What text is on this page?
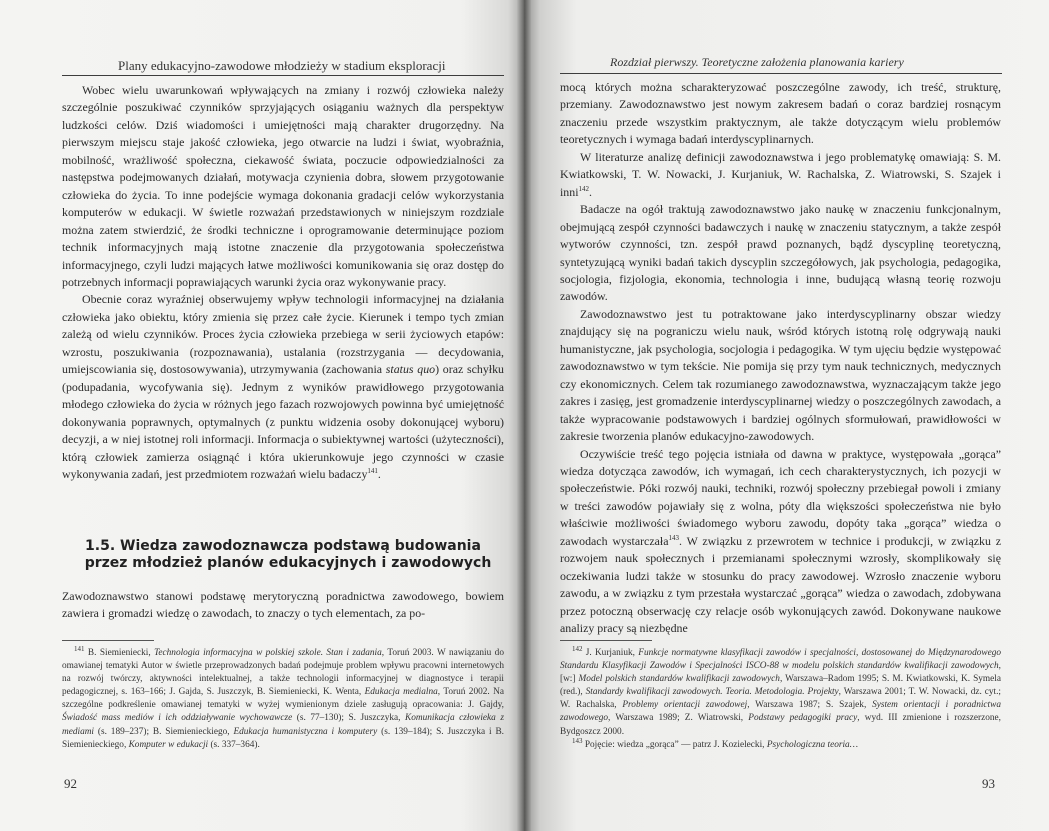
Plany edukacyjno-zawodowe młodzieży w stadium eksploracji

Wobec wielu uwarunkowań wpływających na zmiany i rozwój człowieka należy szczególnie poszukiwać czynników sprzyjających osiąganiu ważnych dla perspektyw ludzkości celów. Dziś wiadomości i umiejętności mają charakter drugorzędny. Na pierwszym miejscu staje jakość człowieka, jego otwarcie na ludzi i świat, wyobraźnia, mobilność, wrażliwość społeczna, ciekawość świata, poczucie odpowiedzialności za następstwa podejmowanych działań, motywacja czynienia dobra, słowem przygotowanie człowieka do życia. To inne podejście wymaga dokonania gradacji celów wykorzystania komputerów w edukacji. W świetle rozważań przedstawionych w niniejszym rozdziale można zatem stwierdzić, że środki techniczne i oprogramowanie determinujące poziom technik informacyjnych mają istotne znaczenie dla przygotowania społeczeństwa informacyjnego, czyli ludzi mających łatwe możliwości komunikowania się oraz dostęp do potrzebnych informacji poprawiających warunki życia oraz wykonywanie pracy.

Obecnie coraz wyraźniej obserwujemy wpływ technologii informacyjnej na działania człowieka jako obiektu, który zmienia się przez całe życie. Kierunek i tempo tych zmian zależą od wielu czynników. Proces życia człowieka przebiega w serii życiowych etapów: wzrostu, poszukiwania (rozpoznawania), ustalania (rozstrzygania — decydowania, umiejscowiania się, dostosowywania), utrzymywania (zachowania status quo) oraz schyłku (podupadania, wycofywania się). Jednym z wyników prawidłowego przygotowania młodego człowieka do życia w różnych jego fazach rozwojowych powinna być umiejętność dokonywania poprawnych, optymalnych (z punktu widzenia osoby dokonującej wyboru) decyzji, a w niej istotnej roli informacji. Informacja o subiektywnej wartości (użyteczności), którą człowiek zamierza osiągnąć i która ukierunkowuje jego czynności w czasie wykonywania zadań, jest przedmiotem rozważań wielu badaczy$^{141}$.

1.5. Wiedza zawodoznawcza podstawą budowania
przez młodzież planów edukacyjnych i zawodowych
Zawodoznawstwo stanowi podstawę merytoryczną poradnictwa zawodowego, bowiem zawiera i gromadzi wiedzę o zawodach, to znaczy o tych elementach, za po-

$^{141}$ B. Siemieniecki, Technologia informacyjna w polskiej szkole. Stan i zadania, Toruń 2003. W nawiązaniu do omawianej tematyki Autor w świetle przeprowadzonych badań podejmuje problem wpływu pracowni internetowych na rozwój twórczy, aktywności intelektualnej, a także technologii informacyjnej w diagnostyce i terapii pedagogicznej, s. 163–166; J. Gajda, S. Juszczyk, B. Siemieniecki, K. Wenta, Edukacja medialna, Toruń 2002. Na szczególne podkreślenie omawianej tematyki w wyżej wymienionym dziele zasługują opracowania: J. Gajdy, Świadość mass mediów i ich oddziaływanie wychowawcze (s. 77–130); S. Juszczyka, Komunikacja człowieka z mediami (s. 189–237); B. Siemienieckiego, Edukacja humanistyczna i komputery (s. 139–184); S. Juszczyka i B. Siemienieckiego, Komputer w edukacji (s. 337–364).

92
Rozdział pierwszy. Teoretyczne założenia planowania kariery

mocą których można scharakteryzować poszczególne zawody, ich treść, strukturę, przemiany. Zawodoznawstwo jest nowym zakresem badań o coraz bardziej rosnącym znaczeniu przede wszystkim praktycznym, ale także dotyczącym wielu problemów teoretycznych i wymaga badań interdyscyplinarnych.

W literaturze analizę definicji zawodoznawstwa i jego problematykę omawiają: S. M. Kwiatkowski, T. W. Nowacki, J. Kurjaniuk, W. Rachalska, Z. Wiatrowski, S. Szajek i inni$^{142}$.

Badacze na ogół traktują zawodoznawstwo jako naukę w znaczeniu funkcjonalnym, obejmującą zespół czynności badawczych i naukę w znaczeniu statycznym, a także zespół wytworów czynności, tzn. zespół prawd poznanych, bądź dyscyplinę teoretyczną, syntetyzującą wyniki badań takich dyscyplin szczegółowych, jak psychologia, pedagogika, socjologia, fizjologia, ekonomia, technologia i inne, budującą własną teorię rozwoju zawodów.

Zawodoznawstwo jest tu potraktowane jako interdyscyplinarny obszar wiedzy znajdujący się na pograniczu wielu nauk, wśród których istotną rolę odgrywają nauki humanistyczne, jak psychologia, socjologia i pedagogika. W tym ujęciu będzie występować zawodoznawstwo w tym tekście. Nie pomija się przy tym nauk technicznych, medycznych czy ekonomicznych. Celem tak rozumianego zawodoznawstwa, wyznaczającym także jego zakres i zasięg, jest gromadzenie interdyscyplinarnej wiedzy o poszczególnych zawodach, a także wypracowanie podstawowych i bardziej ogólnych sformułowań, prawidłowości w zakresie tworzenia planów edukacyjno-zawodowych.

Oczywiście treść tego pojęcia istniała od dawna w praktyce, występowała „gorąca” wiedza dotycząca zawodów, ich wymagań, ich cech charakterystycznych, ich pozycji w społeczeństwie. Póki rozwój nauki, techniki, rozwój społeczny przebiegał powoli i zmiany w treści zawodów pojawiały się z wolna, póty dla większości społeczeństwa nie było właściwie możliwości świadomego wyboru zawodu, dopóty taka „gorąca” wiedza o zawodach wystarczała$^{143}$. W związku z przewrotem w technice i produkcji, w związku z rozwojem nauk społecznych i przemianami społecznymi wzrosły, skomplikowały się oczekiwania ludzi także w stosunku do pracy zawodowej. Wzrosło znaczenie wyboru zawodu, a w związku z tym przestała wystarczać „gorąca” wiedza o zawodach, zdobywana przez potoczną obserwację czy relacje osób wykonujących zawód. Dokonywane naukowe analizy pracy są niezbędne

$^{142}$ J. Kurjaniuk, Funkcje normatywne klasyfikacji zawodów i specjalności, dostosowanej do Międzynarodowego Standardu Klasyfikacji Zawodów i Specjalności ISCO-88 w modelu polskich standardów kwalifikacji zawodowych, [w:] Model polskich standardów kwalifikacji zawodowych, Warszawa–Radom 1995; S. M. Kwiatkowski, K. Symela (red.), Standardy kwalifikacji zawodowych. Teoria. Metodologia. Projekty, Warszawa 2001; T. W. Nowacki, dz. cyt.; W. Rachalska, Problemy orientacji zawodowej, Warszawa 1987; S. Szajek, System orientacji i poradnictwa zawodowego, Warszawa 1989; Z. Wiatrowski, Podstawy pedagogiki pracy, wyd. III zmienione i rozszerzone, Bydgoszcz 2000.

$^{143}$ Pojęcie: wiedza „gorąca” — patrz J. Kozielecki, Psychologiczna teoria…

93
